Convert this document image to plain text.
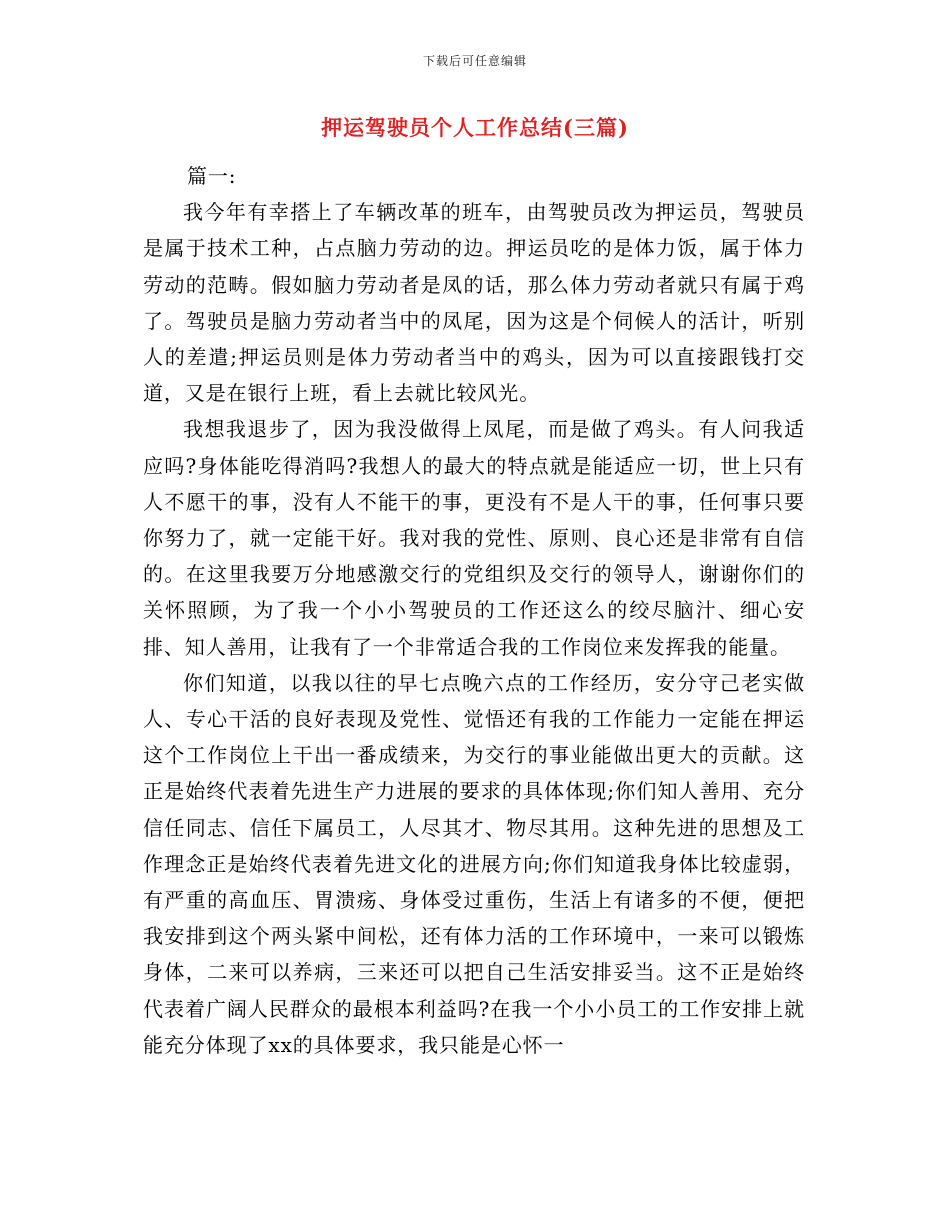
下载后可任意编辑
押运驾驶员个人工作总结(三篇)

篇一:

我今年有幸搭上了车辆改革的班车，由驾驶员改为押运员，驾驶员是属于技术工种，占点脑力劳动的边。押运员吃的是体力饭，属于体力劳动的范畴。假如脑力劳动者是凤的话，那么体力劳动者就只有属于鸡了。驾驶员是脑力劳动者当中的凤尾，因为这是个伺候人的活计，听别人的差遣;押运员则是体力劳动者当中的鸡头，因为可以直接跟钱打交道，又是在银行上班，看上去就比较风光。

我想我退步了，因为我没做得上凤尾，而是做了鸡头。有人问我适应吗?身体能吃得消吗?我想人的最大的特点就是能适应一切，世上只有人不愿干的事，没有人不能干的事，更没有不是人干的事，任何事只要你努力了，就一定能干好。我对我的党性、原则、良心还是非常有自信的。在这里我要万分地感激交行的党组织及交行的领导人，谢谢你们的关怀照顾，为了我一个小小驾驶员的工作还这么的绞尽脑汁、细心安排、知人善用，让我有了一个非常适合我的工作岗位来发挥我的能量。

你们知道，以我以往的早七点晚六点的工作经历，安分守己老实做人、专心干活的良好表现及党性、觉悟还有我的工作能力一定能在押运这个工作岗位上干出一番成绩来，为交行的事业能做出更大的贡献。这正是始终代表着先进生产力进展的要求的具体体现;你们知人善用、充分信任同志、信任下属员工，人尽其才、物尽其用。这种先进的思想及工作理念正是始终代表着先进文化的进展方向;你们知道我身体比较虚弱，有严重的高血压、胃溃疡、身体受过重伤，生活上有诸多的不便，便把我安排到这个两头紧中间松，还有体力活的工作环境中，一来可以锻炼身体，二来可以养病，三来还可以把自己生活安排妥当。这不正是始终代表着广阔人民群众的最根本利益吗?在我一个小小员工的工作安排上就能充分体现了xx的具体要求，我只能是心怀一
